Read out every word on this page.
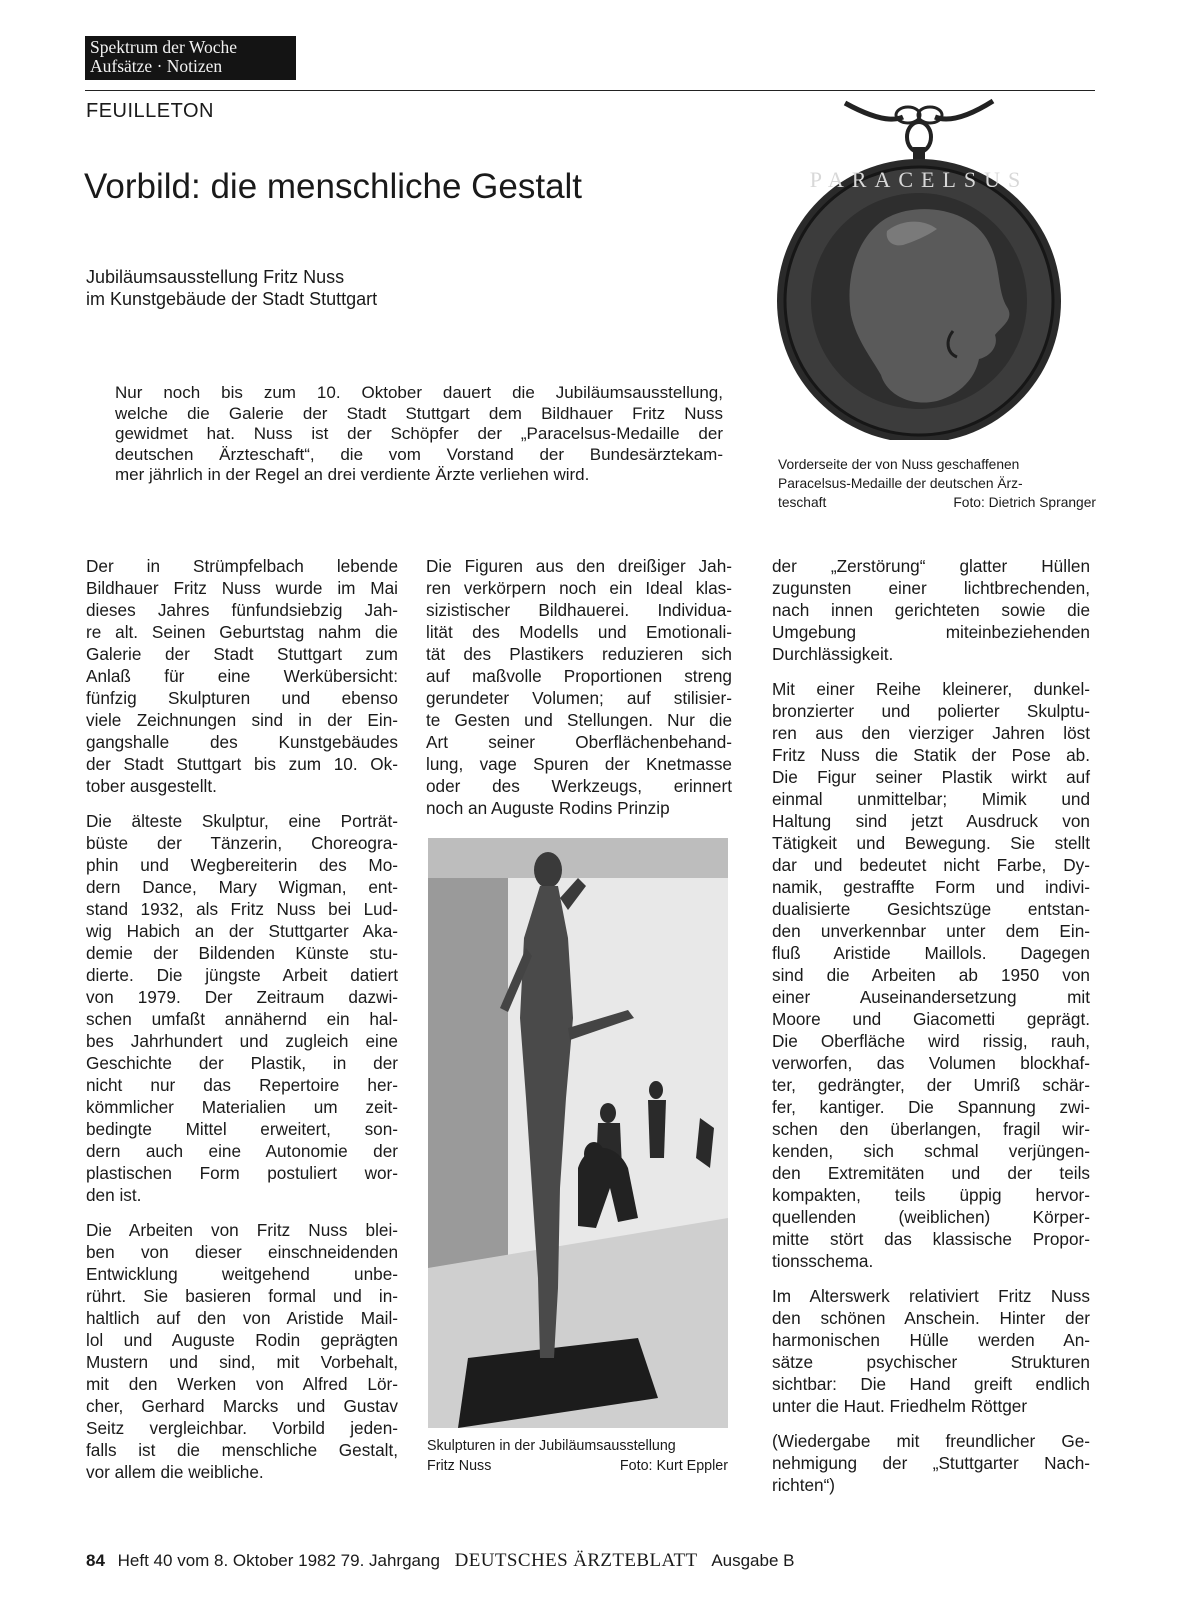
Spektrum der Woche
Aufsätze · Notizen
FEUILLETON
Vorbild: die menschliche Gestalt
Jubiläumsausstellung Fritz Nuss
im Kunstgebäude der Stadt Stuttgart
Nur noch bis zum 10. Oktober dauert die Jubiläumsausstellung,
welche die Galerie der Stadt Stuttgart dem Bildhauer Fritz Nuss
gewidmet hat. Nuss ist der Schöpfer der „Paracelsus-Medaille der
deutschen Ärzteschaft“, die vom Vorstand der Bundesärztekam-
mer jährlich in der Regel an drei verdiente Ärzte verliehen wird.
PARACELSUS
Vorderseite der von Nuss geschaffenen
Paracelsus-Medaille der deutschen Ärz-
teschaft	Foto: Dietrich Spranger
Der in Strümpfelbach lebende
Bildhauer Fritz Nuss wurde im Mai
dieses Jahres fünfundsiebzig Jah-
re alt. Seinen Geburtstag nahm die
Galerie der Stadt Stuttgart zum
Anlaß für eine Werkübersicht:
fünfzig Skulpturen und ebenso
viele Zeichnungen sind in der Ein-
gangshalle des Kunstgebäudes
der Stadt Stuttgart bis zum 10. Ok-
tober ausgestellt.
Die älteste Skulptur, eine Porträt-
büste der Tänzerin, Choreogra-
phin und Wegbereiterin des Mo-
dern Dance, Mary Wigman, ent-
stand 1932, als Fritz Nuss bei Lud-
wig Habich an der Stuttgarter Aka-
demie der Bildenden Künste stu-
dierte. Die jüngste Arbeit datiert
von 1979. Der Zeitraum dazwi-
schen umfaßt annähernd ein hal-
bes Jahrhundert und zugleich eine
Geschichte der Plastik, in der
nicht nur das Repertoire her-
kömmlicher Materialien um zeit-
bedingte Mittel erweitert, son-
dern auch eine Autonomie der
plastischen Form postuliert wor-
den ist.
Die Arbeiten von Fritz Nuss blei-
ben von dieser einschneidenden
Entwicklung weitgehend unbe-
rührt. Sie basieren formal und in-
haltlich auf den von Aristide Mail-
lol und Auguste Rodin geprägten
Mustern und sind, mit Vorbehalt,
mit den Werken von Alfred Lör-
cher, Gerhard Marcks und Gustav
Seitz vergleichbar. Vorbild jeden-
falls ist die menschliche Gestalt,
vor allem die weibliche.
Die Figuren aus den dreißiger Jah-
ren verkörpern noch ein Ideal klas-
sizistischer Bildhauerei. Individua-
lität des Modells und Emotionali-
tät des Plastikers reduzieren sich
auf maßvolle Proportionen streng
gerundeter Volumen; auf stilisier-
te Gesten und Stellungen. Nur die
Art seiner Oberflächenbehand-
lung, vage Spuren der Knetmasse
oder des Werkzeugs, erinnert
noch an Auguste Rodins Prinzip
der „Zerstörung“ glatter Hüllen
zugunsten einer lichtbrechenden,
nach innen gerichteten sowie die
Umgebung miteinbeziehenden
Durchlässigkeit.
Mit einer Reihe kleinerer, dunkel-
bronzierter und polierter Skulptu-
ren aus den vierziger Jahren löst
Fritz Nuss die Statik der Pose ab.
Die Figur seiner Plastik wirkt auf
einmal unmittelbar; Mimik und
Haltung sind jetzt Ausdruck von
Tätigkeit und Bewegung. Sie stellt
dar und bedeutet nicht Farbe, Dy-
namik, gestraffte Form und indivi-
dualisierte Gesichtszüge entstan-
den unverkennbar unter dem Ein-
fluß Aristide Maillols. Dagegen
sind die Arbeiten ab 1950 von
einer Auseinandersetzung mit
Moore und Giacometti geprägt.
Die Oberfläche wird rissig, rauh,
verworfen, das Volumen blockhaf-
ter, gedrängter, der Umriß schär-
fer, kantiger. Die Spannung zwi-
schen den überlangen, fragil wir-
kenden, sich schmal verjüngen-
den Extremitäten und der teils
kompakten, teils üppig hervor-
quellenden (weiblichen) Körper-
mitte stört das klassische Propor-
tionsschema.
Im Alterswerk relativiert Fritz Nuss
den schönen Anschein. Hinter der
harmonischen Hülle werden An-
sätze psychischer Strukturen
sichtbar: Die Hand greift endlich
unter die Haut. Friedhelm Röttger
(Wiedergabe mit freundlicher Ge-
nehmigung der „Stuttgarter Nach-
richten“)
Skulpturen in der Jubiläumsausstellung
Fritz Nuss	Foto: Kurt Eppler
84 Heft 40 vom 8. Oktober 1982 79. Jahrgang DEUTSCHES ÄRZTEBLATT Ausgabe B
